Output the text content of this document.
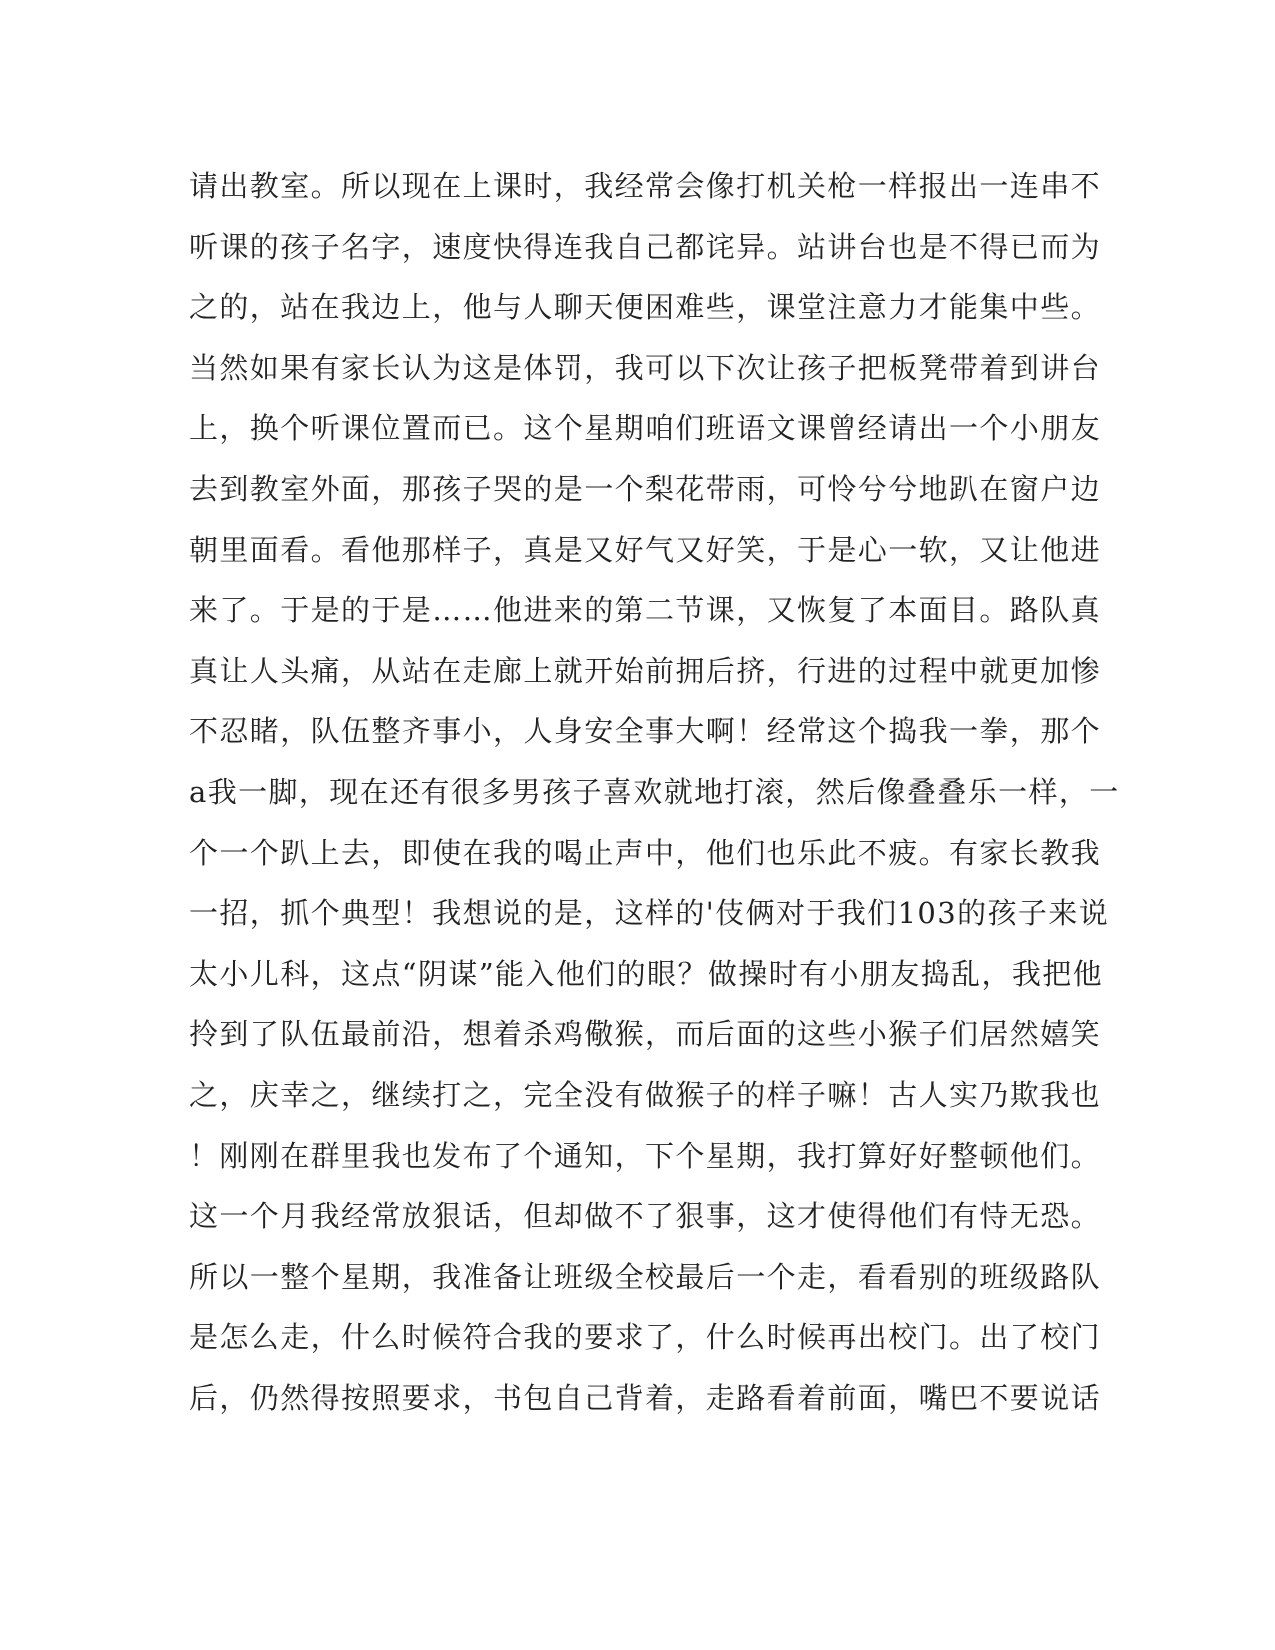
请出教室。所以现在上课时，我经常会像打机关枪一样报出一连串不
听课的孩子名字，速度快得连我自己都诧异。站讲台也是不得已而为
之的，站在我边上，他与人聊天便困难些，课堂注意力才能集中些。
当然如果有家长认为这是体罚，我可以下次让孩子把板凳带着到讲台
上，换个听课位置而已。这个星期咱们班语文课曾经请出一个小朋友
去到教室外面，那孩子哭的是一个梨花带雨，可怜兮兮地趴在窗户边
朝里面看。看他那样子，真是又好气又好笑，于是心一软，又让他进
来了。于是的于是……他进来的第二节课，又恢复了本面目。路队真
真让人头痛，从站在走廊上就开始前拥后挤，行进的过程中就更加惨
不忍睹，队伍整齐事小，人身安全事大啊！经常这个捣我一拳，那个
a我一脚，现在还有很多男孩子喜欢就地打滚，然后像叠叠乐一样，一
个一个趴上去，即使在我的喝止声中，他们也乐此不疲。有家长教我
一招，抓个典型！我想说的是，这样的'伎俩对于我们103的孩子来说
太小儿科，这点“阴谋”能入他们的眼？做操时有小朋友捣乱，我把他
拎到了队伍最前沿，想着杀鸡儆猴，而后面的这些小猴子们居然嬉笑
之，庆幸之，继续打之，完全没有做猴子的样子嘛！古人实乃欺我也
！刚刚在群里我也发布了个通知，下个星期，我打算好好整顿他们。
这一个月我经常放狠话，但却做不了狠事，这才使得他们有恃无恐。
所以一整个星期，我准备让班级全校最后一个走，看看别的班级路队
是怎么走，什么时候符合我的要求了，什么时候再出校门。出了校门
后，仍然得按照要求，书包自己背着，走路看着前面，嘴巴不要说话
